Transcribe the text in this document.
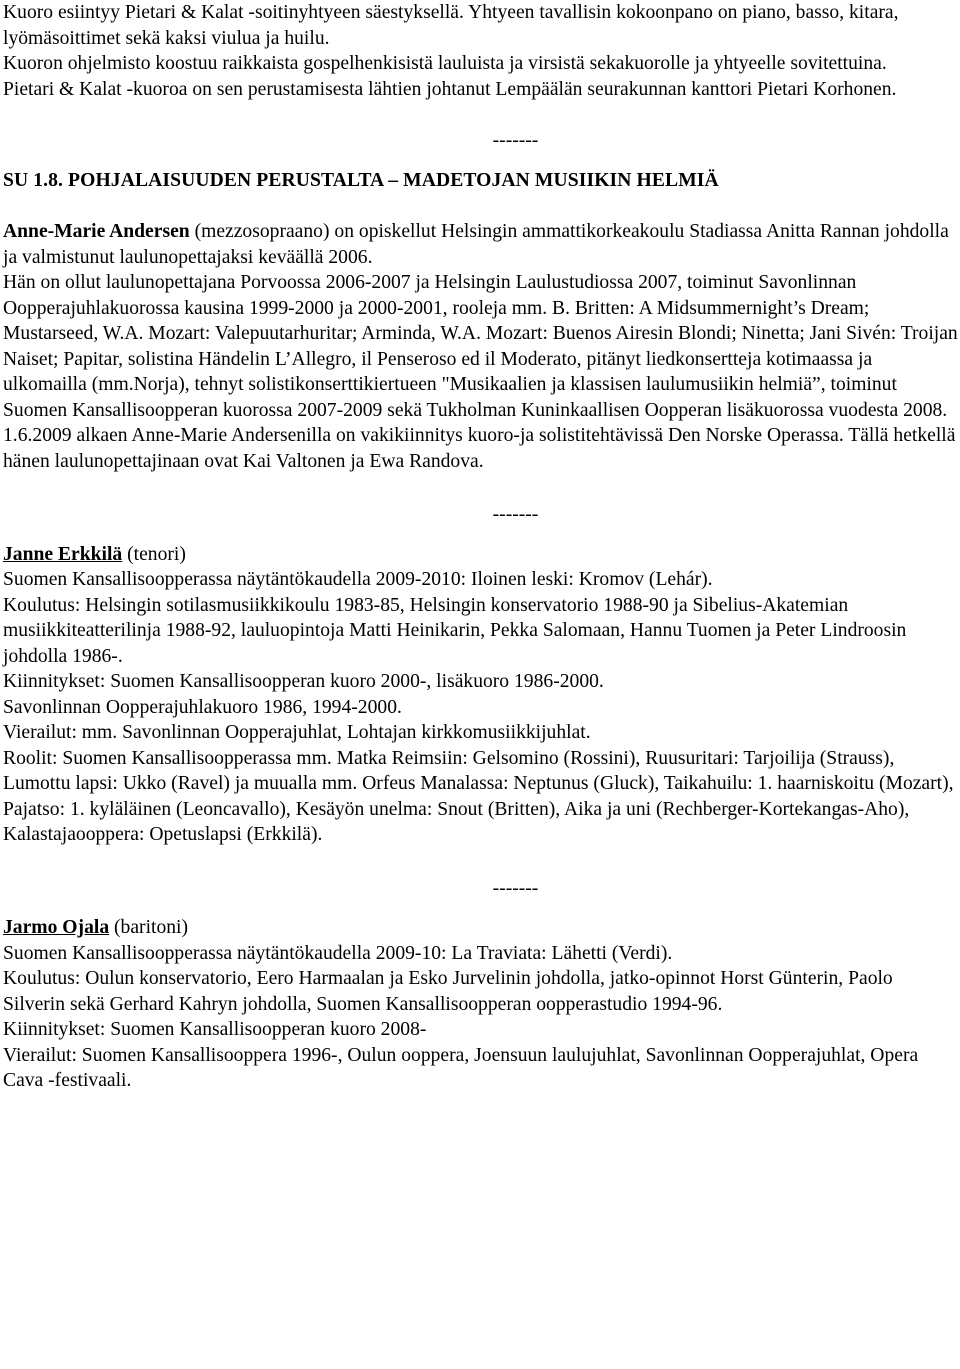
Kuoro esiintyy Pietari & Kalat -soitinyhtyeen säestyksellä. Yhtyeen tavallisin kokoonpano on piano, basso, kitara, lyömäsoittimet sekä kaksi viulua ja huilu.

Kuoron ohjelmisto koostuu raikkaista gospelhenkisistä lauluista ja virsistä sekakuorolle ja yhtyeelle sovitettuina.

Pietari & Kalat -kuoroa on sen perustamisesta lähtien johtanut Lempäälän seurakunnan kanttori Pietari Korhonen.

-------

SU 1.8. POHJALAISUUDEN PERUSTALTA – MADETOJAN MUSIIKIN HELMIÄ

Anne-Marie Andersen (mezzosopraano) on opiskellut Helsingin ammattikorkeakoulu Stadiassa Anitta Rannan johdolla ja valmistunut laulunopettajaksi keväällä 2006.

Hän on ollut laulunopettajana Porvoossa 2006-2007 ja Helsingin Laulustudiossa 2007, toiminut Savonlinnan Oopperajuhlakuorossa kausina 1999-2000 ja 2000-2001, rooleja mm. B. Britten: A Midsummernight’s Dream; Mustarseed, W.A. Mozart: Valepuutarhuritar; Arminda, W.A. Mozart: Buenos Airesin Blondi; Ninetta; Jani Sivén: Troijan Naiset; Papitar, solistina Händelin L’Allegro, il Penseroso ed il Moderato, pitänyt liedkonsertteja kotimaassa ja ulkomailla (mm.Norja), tehnyt solistikonserttikiertueen "Musikaalien ja klassisen laulumusiikin helmiä”, toiminut Suomen Kansallisoopperan kuorossa 2007-2009 sekä Tukholman Kuninkaallisen Oopperan lisäkuorossa vuodesta 2008.

1.6.2009 alkaen Anne-Marie Andersenilla on vakikiinnitys kuoro-ja solistitehtävissä Den Norske Operassa. Tällä hetkellä hänen laulunopettajinaan ovat Kai Valtonen ja Ewa Randova.

-------

Janne Erkkilä (tenori)

Suomen Kansallisoopperassa näytäntökaudella 2009-2010: Iloinen leski: Kromov (Lehár).

Koulutus: Helsingin sotilasmusiikkikoulu 1983-85, Helsingin konservatorio 1988-90 ja Sibelius-Akatemian musiikkiteatterilinja 1988-92, lauluopintoja Matti Heinikarin, Pekka Salomaan, Hannu Tuomen ja Peter Lindroosin johdolla 1986-.

Kiinnitykset: Suomen Kansallisoopperan kuoro 2000-, lisäkuoro 1986-2000.

Savonlinnan Oopperajuhlakuoro 1986, 1994-2000.

Vierailut: mm. Savonlinnan Oopperajuhlat, Lohtajan kirkkomusiikkijuhlat.

Roolit: Suomen Kansallisoopperassa mm. Matka Reimsiin: Gelsomino (Rossini), Ruusuritari: Tarjoilija (Strauss), Lumottu lapsi: Ukko (Ravel) ja muualla mm. Orfeus Manalassa: Neptunus (Gluck), Taikahuilu: 1. haarniskoitu (Mozart), Pajatso: 1. kyläläinen (Leoncavallo), Kesäyön unelma: Snout (Britten), Aika ja uni (Rechberger-Kortekangas-Aho), Kalastajaooppera: Opetuslapsi (Erkkilä).

-------

Jarmo Ojala (baritoni)

Suomen Kansallisoopperassa näytäntökaudella 2009-10: La Traviata: Lähetti (Verdi).

Koulutus: Oulun konservatorio, Eero Harmaalan ja Esko Jurvelinin johdolla, jatko-opinnot Horst Günterin, Paolo Silverin sekä Gerhard Kahryn johdolla, Suomen Kansallisoopperan oopperastudio 1994-96.

Kiinnitykset: Suomen Kansallisoopperan kuoro 2008-

Vierailut: Suomen Kansallisooppera 1996-, Oulun ooppera, Joensuun laulujuhlat, Savonlinnan Oopperajuhlat, Opera Cava -festivaali.
